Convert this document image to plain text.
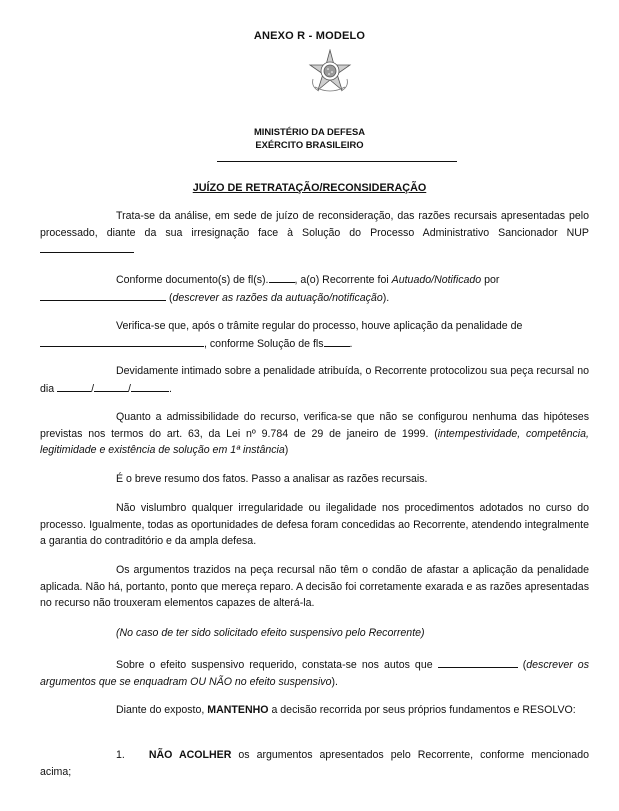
ANEXO R - MODELO
MINISTÉRIO DA DEFESA
EXÉRCITO BRASILEIRO
JUÍZO DE RETRATAÇÃO/RECONSIDERAÇÃO
Trata-se da análise, em sede de juízo de reconsideração, das razões recursais apresentadas pelo processado, diante da sua irresignação face à Solução do Processo Administrativo Sancionador NUP
Conforme documento(s) de fl(s). , a(o) Recorrente foi Autuado/Notificado por
(descrever as razões da autuação/notificação).
Verifica-se que, após o trâmite regular do processo, houve aplicação da penalidade de
, conforme Solução de fls .
Devidamente intimado sobre a penalidade atribuída, o Recorrente protocolizou sua peça recursal no dia	/	/	.
Quanto a admissibilidade do recurso, verifica-se que não se configurou nenhuma das hipóteses previstas nos termos do art. 63, da Lei nº 9.784 de 29 de janeiro de 1999. (intempestividade, competência, legitimidade e existência de solução em 1ª instância)
É o breve resumo dos fatos. Passo a analisar as razões recursais.
Não vislumbro qualquer irregularidade ou ilegalidade nos procedimentos adotados no curso do processo. Igualmente, todas as oportunidades de defesa foram concedidas ao Recorrente, atendendo integralmente a garantia do contraditório e da ampla defesa.
Os argumentos trazidos na peça recursal não têm o condão de afastar a aplicação da penalidade aplicada. Não há, portanto, ponto que mereça reparo. A decisão foi corretamente exarada e as razões apresentadas no recurso não trouxeram elementos capazes de alterá-la.
(No caso de ter sido solicitado efeito suspensivo pelo Recorrente)
Sobre o efeito suspensivo requerido, constata-se nos autos que	(descrever os argumentos que se enquadram OU NÃO no efeito suspensivo).
Diante do exposto, MANTENHO a decisão recorrida por seus próprios fundamentos e RESOLVO:
1. NÃO ACOLHER os argumentos apresentados pelo Recorrente, conforme mencionado acima;
